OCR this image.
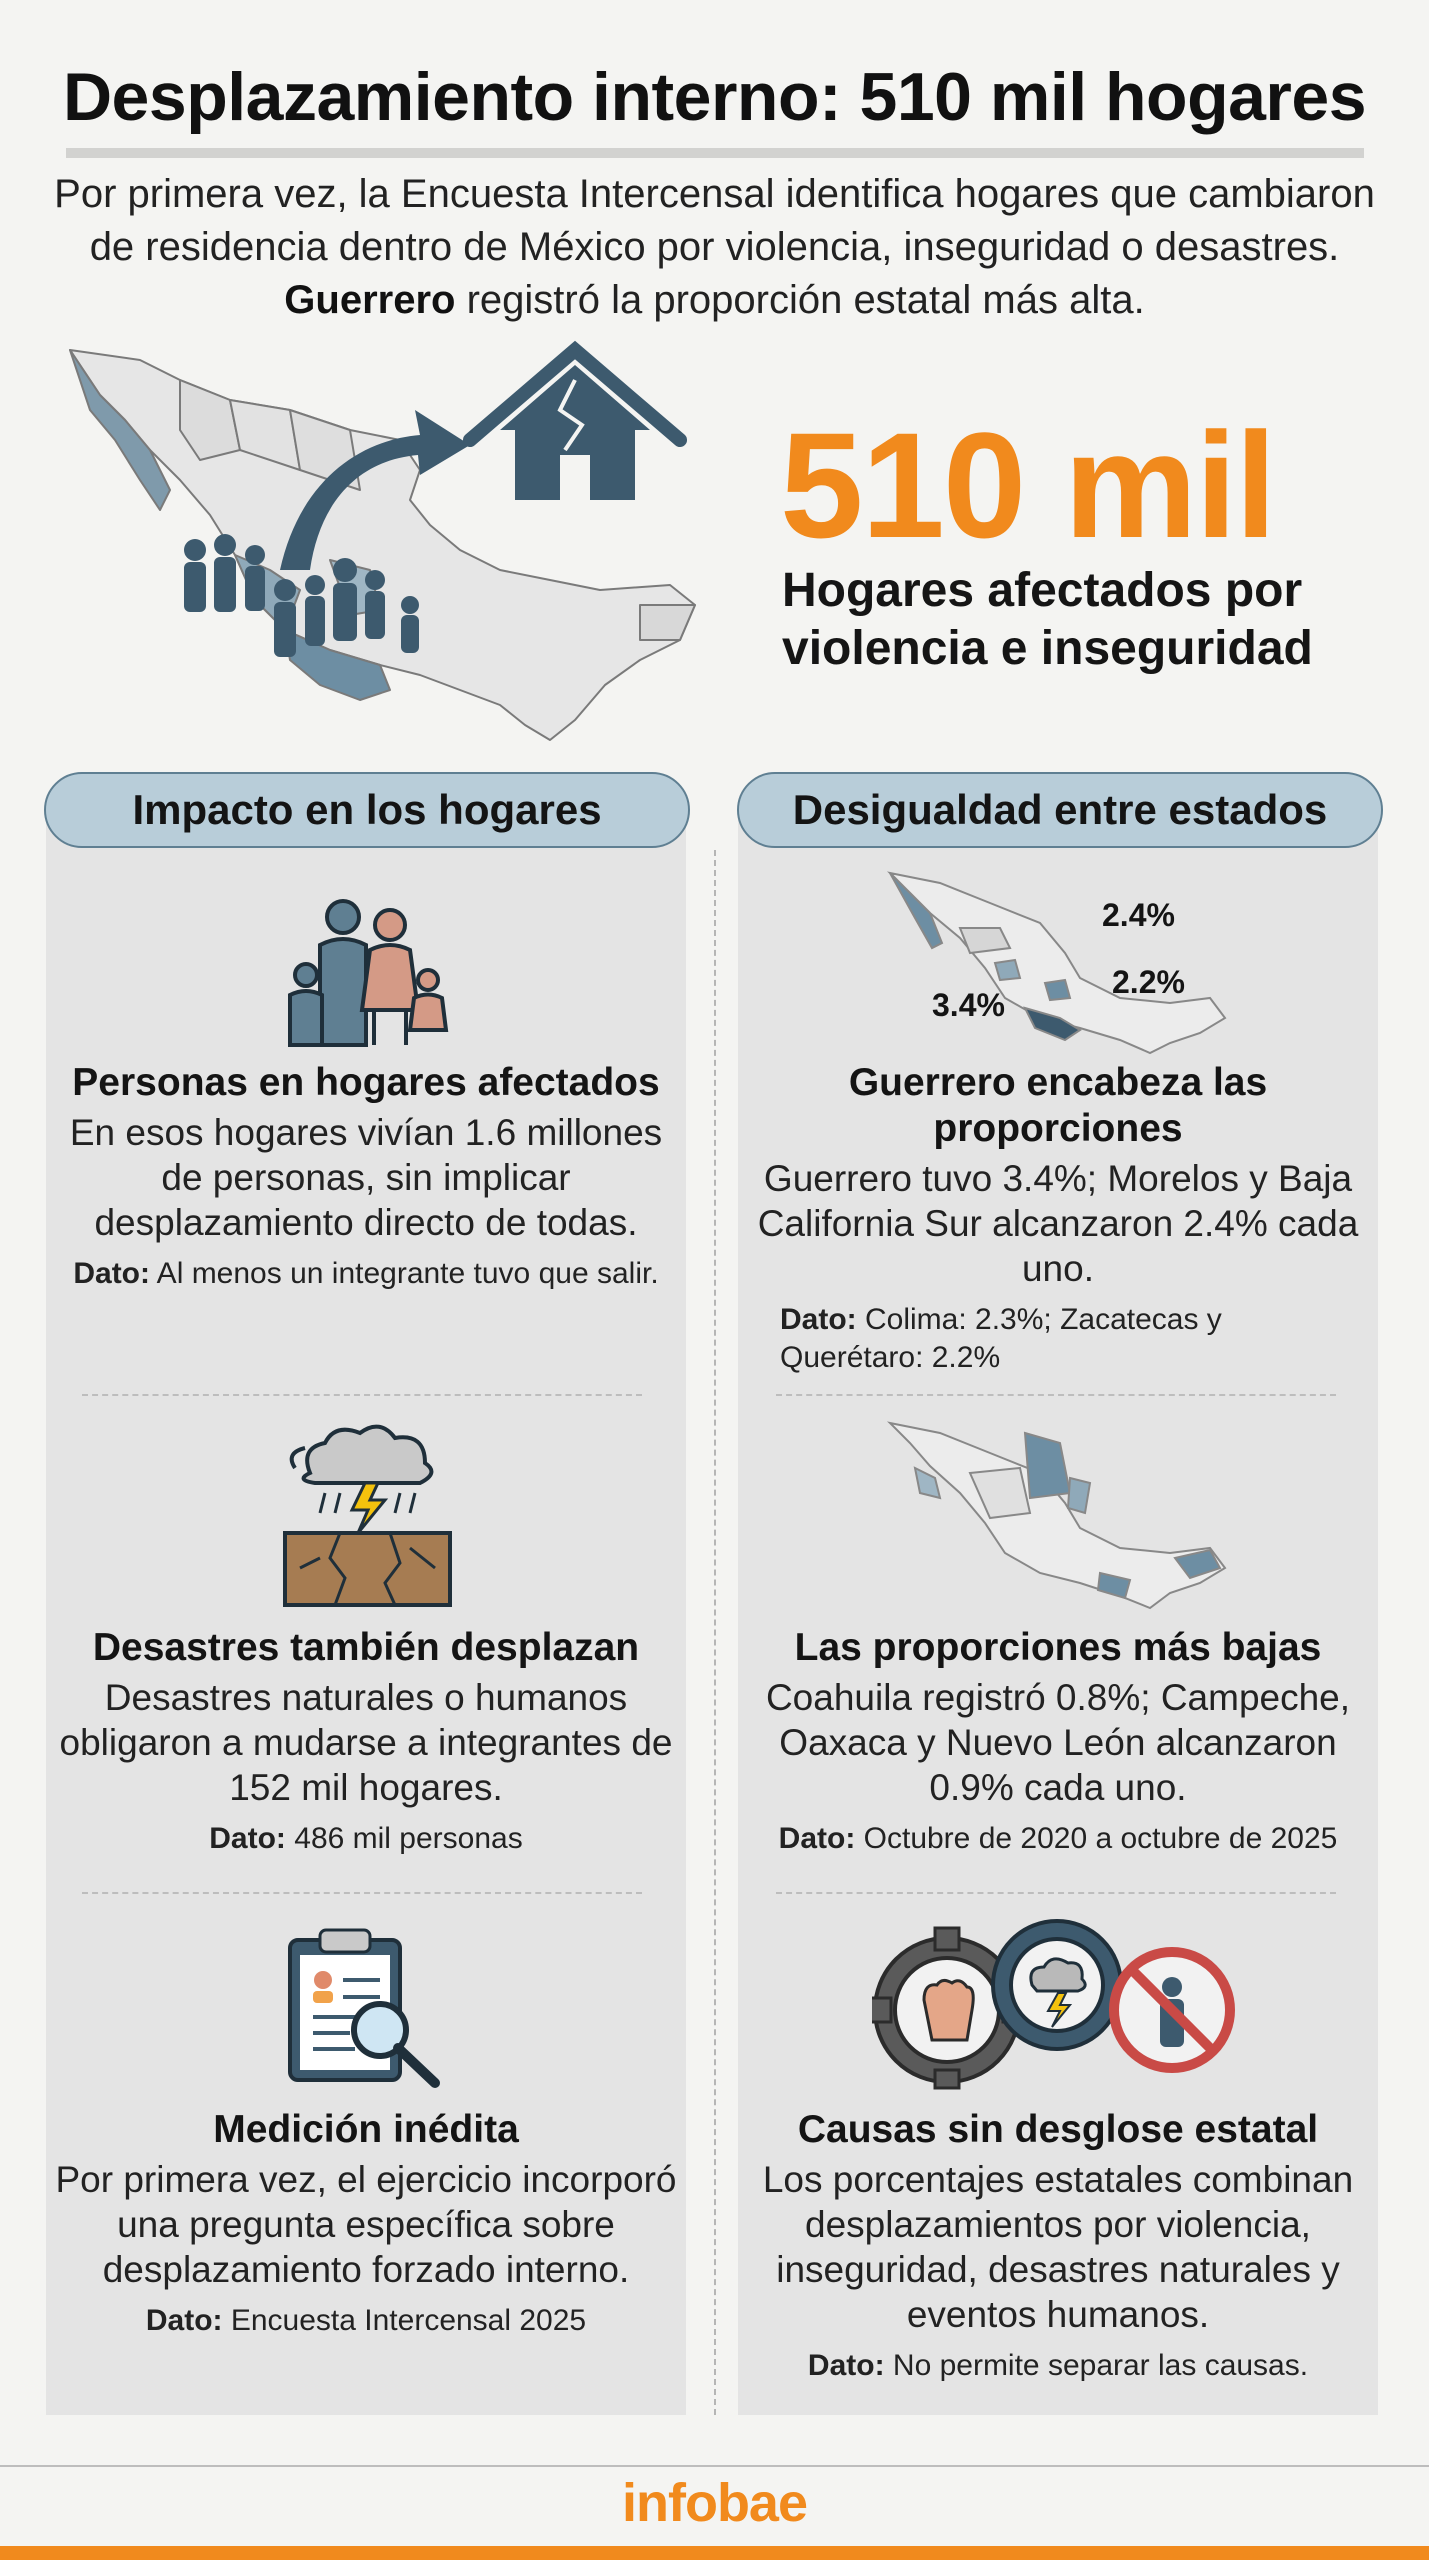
Desplazamiento interno: 510 mil hogares

Por primera vez, la Encuesta Intercensal identifica hogares que cambiaron de residencia dentro de México por violencia, inseguridad o desastres. Guerrero registró la proporción estatal más alta.

510 mil
Hogares afectados por violencia e inseguridad
Impacto en los hogares	Desigualdad entre estados
2.4%
2.2%
3.4%
Personas en hogares afectados
En esos hogares vivían 1.6 millones de personas, sin implicar desplazamiento directo de todas.
Dato: Al menos un integrante tuvo que salir.
Desastres también desplazan
Desastres naturales o humanos obligaron a mudarse a integrantes de 152 mil hogares.
Dato: 486 mil personas
Medición inédita
Por primera vez, el ejercicio incorporó una pregunta específica sobre desplazamiento forzado interno.
Dato: Encuesta Intercensal 2025
Guerrero encabeza las proporciones
Guerrero tuvo 3.4%; Morelos y Baja California Sur alcanzaron 2.4% cada uno.
Dato: Colima: 2.3%; Zacatecas y Querétaro: 2.2%
Las proporciones más bajas
Coahuila registró 0.8%; Campeche, Oaxaca y Nuevo León alcanzaron 0.9% cada uno.
Dato: Octubre de 2020 a octubre de 2025
Causas sin desglose estatal
Los porcentajes estatales combinan desplazamientos por violencia, inseguridad, desastres naturales y eventos humanos.
Dato: No permite separar las causas.
infobae
